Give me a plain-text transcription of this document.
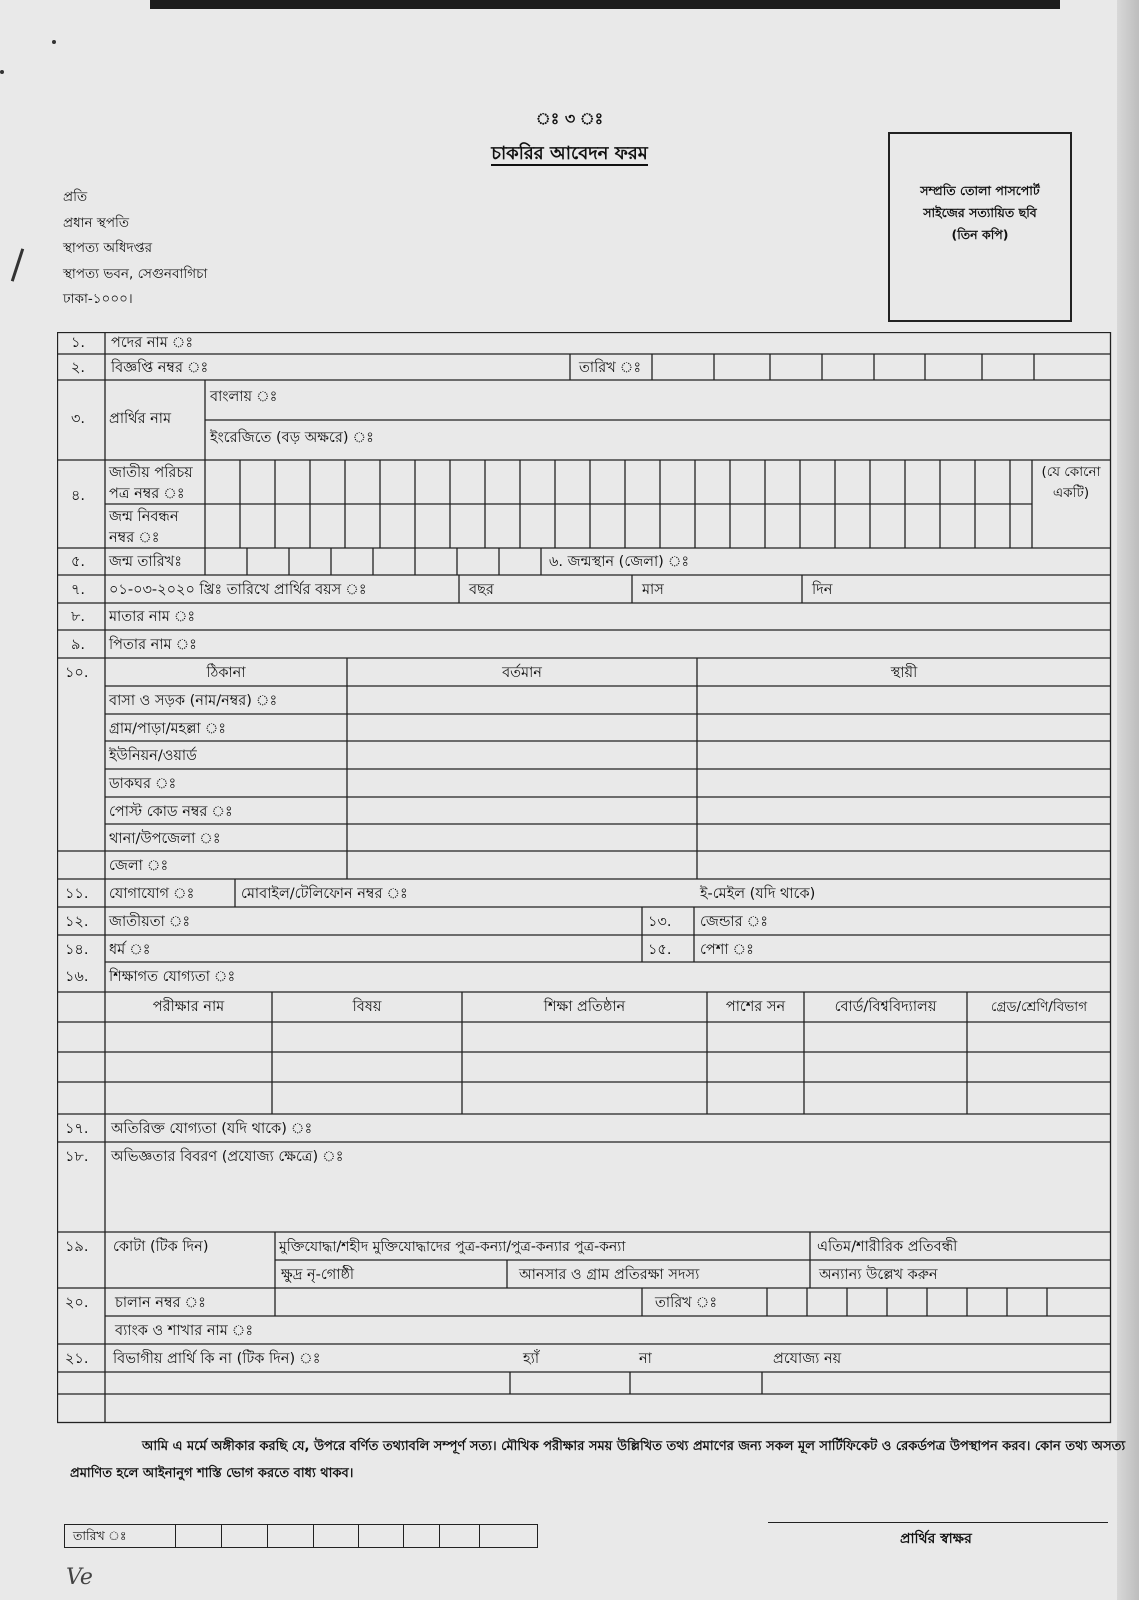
ঃ ৩ ঃ
চাকরির আবেদন ফরম
প্রতি
প্রধান স্থপতি
স্থাপত্য অধিদপ্তর
স্থাপত্য ভবন, সেগুনবাগিচা
ঢাকা-১০০০।
সম্প্রতি তোলা পাসপোর্ট
সাইজের সত্যায়িত ছবি
(তিন কপি)
১. পদের নাম ঃ
২. বিজ্ঞপ্তি নম্বর ঃ	তারিখ ঃ
৩. প্রার্থির নাম
বাংলায় ঃ
ইংরেজিতে (বড় অক্ষরে) ঃ
৪.
জাতীয় পরিচয় পত্র নম্বর ঃ
জন্ম নিবন্ধন নম্বর ঃ
(যে কোনো একটি)
৫. জন্ম তারিখঃ	৬. জন্মস্থান (জেলা) ঃ
৭. ০১-০৩-২০২০ খ্রিঃ তারিখে প্রার্থির বয়স ঃ	বছর	মাস	দিন
৮. মাতার নাম ঃ
৯. পিতার নাম ঃ
১০.	ঠিকানা	বর্তমান	স্থায়ী
বাসা ও সড়ক (নাম/নম্বর) ঃ
গ্রাম/পাড়া/মহল্লা ঃ
ইউনিয়ন/ওয়ার্ড
ডাকঘর ঃ
পোস্ট কোড নম্বর ঃ
থানা/উপজেলা ঃ
জেলা ঃ
১১. যোগাযোগ ঃ	মোবাইল/টেলিফোন নম্বর ঃ	ই-মেইল (যদি থাকে)
১২. জাতীয়তা ঃ	১৩. জেন্ডার ঃ
১৪. ধর্ম ঃ	১৫. পেশা ঃ
১৬. শিক্ষাগত যোগ্যতা ঃ
পরীক্ষার নাম	বিষয়	শিক্ষা প্রতিষ্ঠান	পাশের সন	বোর্ড/বিশ্ববিদ্যালয়	গ্রেড/শ্রেণি/বিভাগ
১৭. অতিরিক্ত যোগ্যতা (যদি থাকে) ঃ
১৮. অভিজ্ঞতার বিবরণ (প্রযোজ্য ক্ষেত্রে) ঃ
১৯. কোটা (টিক দিন)	মুক্তিযোদ্ধা/শহীদ মুক্তিযোদ্ধাদের পুত্র-কন্যা/পুত্র-কন্যার পুত্র-কন্যা	এতিম/শারীরিক প্রতিবন্ধী
ক্ষুদ্র নৃ-গোষ্ঠী	আনসার ও গ্রাম প্রতিরক্ষা সদস্য	অন্যান্য উল্লেখ করুন
২০. চালান নম্বর ঃ	তারিখ ঃ
ব্যাংক ও শাখার নাম ঃ
২১. বিভাগীয় প্রার্থি কি না (টিক দিন) ঃ	হ্যাঁ	না	প্রযোজ্য নয়
আমি এ মর্মে অঙ্গীকার করছি যে, উপরে বর্ণিত তথ্যাবলি সম্পূর্ণ সত্য। মৌখিক পরীক্ষার সময় উল্লিখিত তথ্য প্রমাণের জন্য সকল মূল সার্টিফিকেট ও রেকর্ডপত্র উপস্থাপন করব। কোন তথ্য অসত্য প্রমাণিত হলে আইনানুগ শাস্তি ভোগ করতে বাধ্য থাকব।
তারিখ ঃ	প্রার্থির স্বাক্ষর
Ve
